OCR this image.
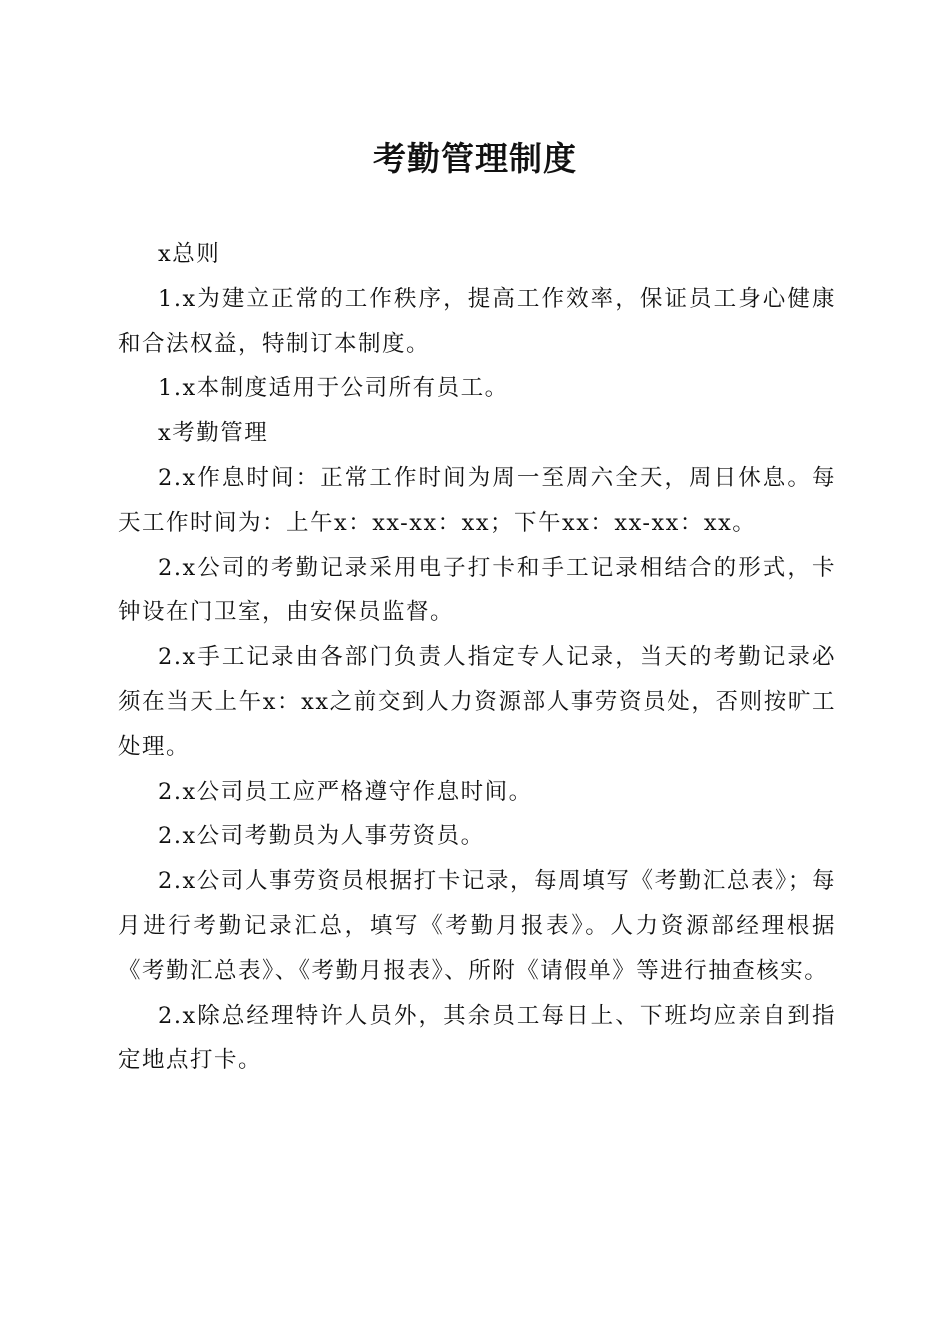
考勤管理制度

x总则

1.x为建立正常的工作秩序，提高工作效率，保证员工身心健康和合法权益，特制订本制度。

1.x本制度适用于公司所有员工。

x考勤管理

2.x作息时间：正常工作时间为周一至周六全天，周日休息。每天工作时间为：上午x：xx-xx：xx；下午xx：xx-xx：xx。

2.x公司的考勤记录采用电子打卡和手工记录相结合的形式，卡钟设在门卫室，由安保员监督。

2.x手工记录由各部门负责人指定专人记录，当天的考勤记录必须在当天上午x：xx之前交到人力资源部人事劳资员处，否则按旷工处理。

2.x公司员工应严格遵守作息时间。

2.x公司考勤员为人事劳资员。

2.x公司人事劳资员根据打卡记录，每周填写《考勤汇总表》；每月进行考勤记录汇总，填写《考勤月报表》。人力资源部经理根据《考勤汇总表》、《考勤月报表》、所附《请假单》等进行抽查核实。

2.x除总经理特许人员外，其余员工每日上、下班均应亲自到指定地点打卡。
